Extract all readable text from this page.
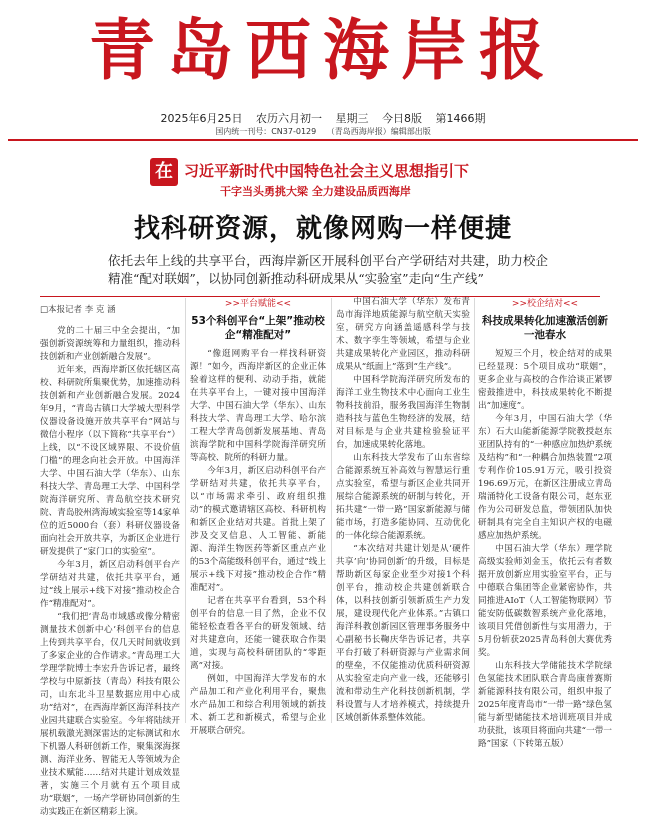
青岛西海岸报
2025年6月25日 农历六月初一 星期三 今日8版 第1466期
国内统一刊号：CN37-0129 （青岛西海岸报）编辑部出版
在 习近平新时代中国特色社会主义思想指引下
干字当头勇挑大梁 全力建设品质西海岸
找科研资源，就像网购一样便捷
依托去年上线的共享平台，西海岸新区开展科创平台产学研结对共建，助力校企精准“配对联姻”，以协同创新推动科研成果从“实验室”走向“生产线”
□本报记者 李 克 涵

党的二十届三中全会提出，“加强创新资源统筹和力量组织，推动科技创新和产业创新融合发展”。

近年来，西海岸新区依托辖区高校、科研院所集聚优势，加速推动科技创新和产业创新融合发展。2024年9月，“青岛古镇口大学城大型科学仪器设备设施开放共享平台”网站与微信小程序（以下简称“共享平台”）上线，以“不设区域界限、不设价值门槛”的理念向社会开放。中国海洋大学、中国石油大学（华东）、山东科技大学、青岛理工大学、中国科学院海洋研究所、青岛航空技术研究院、青岛胶州湾海域实验室等14家单位的近5000台（套）科研仪器设备面向社会开放共享，为新区企业进行研发提供了“家门口的实验室”。

今年3月，新区启动科创平台产学研结对共建，依托共享平台，通过“线上展示+线下对接”推动校企合作“精准配对”。

“我们把‘青岛市域感或像分精密测量技术创新中心’科创平台的信息上传到共享平台，仅几天时间就收到了多家企业的合作请求。”青岛理工大学理学院博士李宏升告诉记者，最终学校与中原新技（青岛）科技有限公司，山东北斗卫星数据应用中心成功“结对”，在西海岸新区海洋科技产业园共建联合实验室。今年将陆续开展机载激光测深雷达的定标测试和水下机器人科研创新工作，聚集深海探测、海洋业务、智能无人等领域为企业技术赋能……结对共建计划成效显著，实施三个月就有五个项目成功“联姻”，一场产学研协同创新的生动实践正在新区精彩上演。

>>平台赋能<<
53个科创平台“上架”推动校企“精准配对”

“像逛网购平台一样找科研资源！”如今，西海岸新区的企业正体验着这样的便利、动动手指，就能在共享平台上，一键对接中国海洋大学、中国石油大学（华东）、山东科技大学、青岛理工大学、哈尔滨工程大学青岛创新发展基地、青岛滨海学院和中国科学院海洋研究所等高校、院所的科研力量。

今年3月，新区启动科创平台产学研结对共建，依托共享平台，以“市场需求牵引、政府组织推动”的模式邀请辖区高校、科研机构和新区企业结对共建。首批上架了涉及交叉信息、人工智能、新能源、海洋生物医药等新区重点产业的53个高能级科创平台，通过“线上展示+线下对接”推动校企合作“精准配对”。

记者在共享平台看到，53个科创平台的信息一目了然，企业不仅能轻松查看各平台的研发领域、结对共建意向，还能一键获取合作渠道，实现与高校科研团队的“零距离”对接。

例如，中国海洋大学发布的水产品加工和产业化利用平台，聚焦水产品加工和综合利用领域的新技术、新工艺和新模式，希望与企业开展联合研究。

中国石油大学（华东）发布青岛市海洋地质能源与航空航天实验室，研究方向涵盖遥感科学与技术、数字孪生等领域，希望与企业共建成果转化产业园区，推动科研成果从“纸面上”落到“生产线”。

中国科学院海洋研究所发布的海洋工业生物技术中心面向工业生物科技前沿，服务我国海洋生物制造科技与蓝色生物经济的发展，结对目标是与企业共建检验验证平台，加速成果转化落地。

山东科技大学发布了山东省综合能源系统互补高效与智慧运行重点实验室，希望与新区企业共同开展综合能源系统的研制与转化，开拓共建“一带一路”国家新能源与储能市场，打造多能协同、互动优化的一体化综合能源系统。

“本次结对共建计划是从‘硬件共享’向‘协同创新’的升级，目标是帮助新区每家企业至少对接1个科创平台，推动校企共建创新联合体，以科技创新引领新质生产力发展，建设现代化产业体系。”古镇口海洋科教创新园区管理事务服务中心副秘书长鞠庆华告诉记者，共享平台打破了科研资源与产业需求间的壁垒，不仅能推动优质科研资源从实验室走向产业一线，还能够引流和带动生产化科技创新机制，学科设置与人才培养模式，持续提升区域创新体系整体效能。

>>校企结对<<
科技成果转化加速激活创新一池春水

短短三个月，校企结对的成果已经显现：5个项目成功“联姻”，更多企业与高校的合作洽谈正紧锣密鼓推进中，科技成果转化不断提出“加速度”。

今年3月，中国石油大学（华东）石大山能新能源学院教授赵东亚团队持有的“一种感应加热炉系统及结构”和“一种耦合加热装置”2项专利作价105.91万元，吸引投资196.69万元，在新区注册成立青岛瑞涌特化工设备有限公司，赵东亚作为公司研发总监，带领团队加快研制具有完全自主知识产权的电磁感应加热炉系统。

中国石油大学（华东）理学院高级实验师刘金玉，依托云有者数据开放创新应用实验室平台，正与中德联合集团等企业紧密协作，共同推进AIoT（人工智能物联网）节能安防低碳数智系统产业化落地，该项目凭借创新性与实用潜力，于5月份斩获2025青岛科创大赛优秀奖。

山东科技大学储能技术学院绿色氢能技术团队联合青岛康普赛斯新能源科技有限公司，组织申报了2025年度青岛市“一带一路”绿色氢能与新型储能技术培训班项目并成功获批，该项目将面向共建“一带一路”国家（下转第五版）
